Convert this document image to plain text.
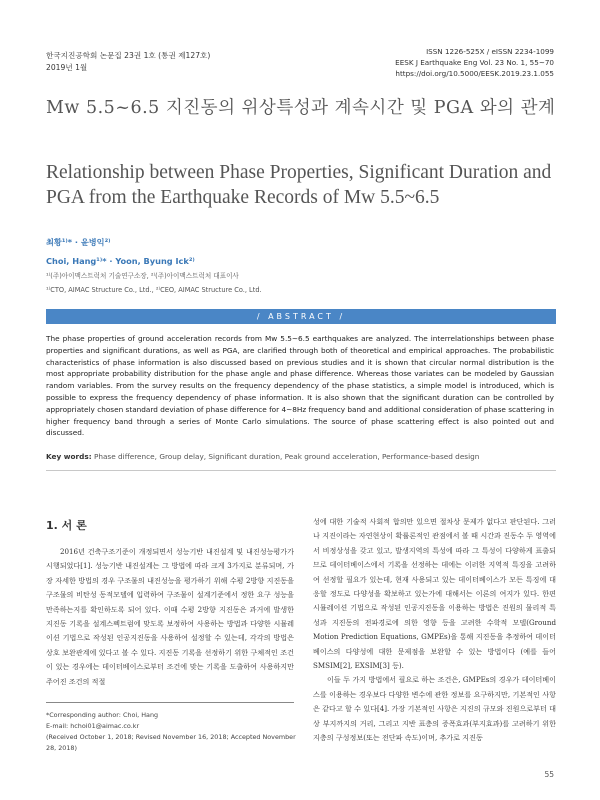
한국지진공학회 논문집 23권 1호 (통권 제127호)
2019년 1월
ISSN 1226-525X / eISSN 2234-1099
EESK J Earthquake Eng Vol. 23 No. 1, 55~70
https://doi.org/10.5000/EESK.2019.23.1.055
Mw 5.5~6.5 지진동의 위상특성과 계속시간 및 PGA 와의 관계
Relationship between Phase Properties, Significant Duration and PGA from the Earthquake Records of Mw 5.5~6.5
최황¹⁾* · 윤병익²⁾
Choi, Hang¹⁾* · Yoon, Byung Ick²⁾
¹⁾(주)아이맥스트럭처 기술연구소장, ²⁾(주)아이맥스트럭처 대표이사
¹⁾CTO, AIMAC Structure Co., Ltd., ²⁾CEO, AIMAC Structure Co., Ltd.
/ ABSTRACT /
The phase properties of ground acceleration records from Mw 5.5~6.5 earthquakes are analyzed. The interrelationships between phase properties and significant durations, as well as PGA, are clarified through both of theoretical and empirical approaches. The probabilistic characteristics of phase information is also discussed based on previous studies and it is shown that circular normal distribution is the most appropriate probability distribution for the phase angle and phase difference. Whereas those variates can be modeled by Gaussian random variables. From the survey results on the frequency dependency of the phase statistics, a simple model is introduced, which is possible to express the frequency dependency of phase information. It is also shown that the significant duration can be controlled by appropriately chosen standard deviation of phase difference for 4~8Hz frequency band and additional consideration of phase scattering in higher frequency band through a series of Monte Carlo simulations. The source of phase scattering effect is also pointed out and discussed.
Key words: Phase difference, Group delay, Significant duration, Peak ground acceleration, Performance-based design
1. 서 론

2016년 건축구조기준이 개정되면서 성능기반 내진설계 및 내진성능평가가 시행되었다[1]. 성능기반 내진설계는 그 방법에 따라 크게 3가지로 분류되며, 가장 자세한 방법의 경우 구조물의 내진성능을 평가하기 위해 수평 2방향 지진동을 구조물의 비탄성 동적모델에 입력하여 구조물이 설계기준에서 정한 요구 성능을 만족하는지를 확인하도록 되어 있다. 이때 수평 2방향 지진동은 과거에 발생한 지진동 기록을 설계스펙트럼에 맞도록 보정하여 사용하는 방법과 다양한 시뮬레이션 기법으로 작성된 인공지진동을 사용하여 설정할 수 있는데, 각각의 방법은 상호 보완관계에 있다고 볼 수 있다. 지진동 기록을 선정하기 위한 구체적인 조건이 있는 경우에는 데이터베이스로부터 조건에 맞는 기록을 도출하여 사용하지만 주어진 조건의 적절

성에 대한 기술적 사회적 합의만 있으면 절차상 문제가 없다고 판단된다. 그러나 지진이라는 자연현상이 확률론적인 관점에서 볼 때 시간과 진동수 두 영역에서 비정상성을 갖고 있고, 발생지역의 특성에 따라 그 특성이 다양하게 표출되므로 데이터베이스에서 기록을 선정하는 데에는 이러한 지역적 특징을 고려하여 선정할 필요가 있는데, 현재 사용되고 있는 데이터베이스가 모든 특징에 대응할 정도로 다양성을 확보하고 있는가에 대해서는 이론의 여지가 있다. 한편 시뮬레이션 기법으로 작성된 인공지진동을 이용하는 방법은 진원의 물리적 특성과 지진동의 전파경로에 의한 영향 등을 고려한 수학적 모델(Ground Motion Prediction Equations, GMPEs)을 통해 지진동을 추정하여 데이터베이스의 다양성에 대한 문제점을 보완할 수 있는 방법이다 (예를 들어 SMSIM[2], EXSIM[3] 등).

이들 두 가지 방법에서 필요로 하는 조건은, GMPEs의 경우가 데이터베이스를 이용하는 경우보다 다양한 변수에 관한 정보를 요구하지만, 기본적인 사항은 같다고 할 수 있다[4]. 가장 기본적인 사항은 지진의 규모와 진원으로부터 대상 부지까지의 거리, 그리고 지반 표층의 증폭효과(부지효과)를 고려하기 위한 지층의 구성정보(또는 전단파 속도)이며, 추가로 지진동

*Corresponding author: Choi, Hang
E-mail: hchoi01@aimac.co.kr
(Received October 1, 2018; Revised November 16, 2018; Accepted November 28, 2018)
55
